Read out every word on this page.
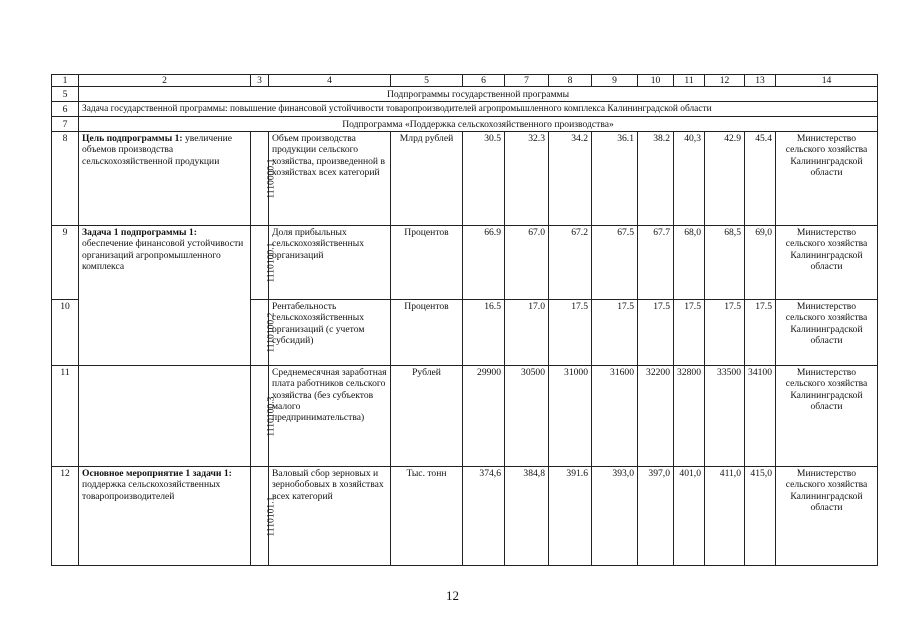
1	2	3	4	5	6	7	8	9	10	11	12	13	14
5	Подпрограммы государственной программы												
6	Задача государственной программы: повышение финансовой устойчивости товаропроизводителей агропромышленного комплекса Калининградской области												
7	Подпрограмма «Поддержка сельскохозяйственного производства»												
8	Цель подпрограммы 1: увеличение объемов производства сельскохозяйственной продукции	1110000.1	Объем производства продукции сельского хозяйства, произведенной в хозяйствах всех категорий	Млрд рублей	30.5	32.3	34.2	36.1	38.2	40,3	42.9	45.4	Министерство сельского хозяйства Калининградской области
9	Задача 1 подпрограммы 1: обеспечение финансовой устойчивости организаций агропромышленного комплекса	1110100.1	Доля прибыльных сельскохозяйственных организаций	Процентов	66.9	67.0	67.2	67.5	67.7	68,0	68,5	69,0	Министерство сельского хозяйства Калининградской области
10		1110100.2	Рентабельность сельскохозяйственных организаций (с учетом субсидий)	Процентов	16.5	17.0	17.5	17.5	17.5	17.5	17.5	17.5	Министерство сельского хозяйства Калининградской области
11		1110100.3	Среднемесячная заработная плата работников сельского хозяйства (без субъектов малого предпринимательства)	Рублей	29900	30500	31000	31600	32200	32800	33500	34100	Министерство сельского хозяйства Калининградской области
12	Основное мероприятие 1 задачи 1: поддержка сельскохозяйственных товаропроизводителей	1110101.1	Валовый сбор зерновых и зернобобовых в хозяйствах всех категорий	Тыс. тонн	374,6	384,8	391.6	393,0	397,0	401,0	411,0	415,0	Министерство сельского хозяйства Калининградской области
12
